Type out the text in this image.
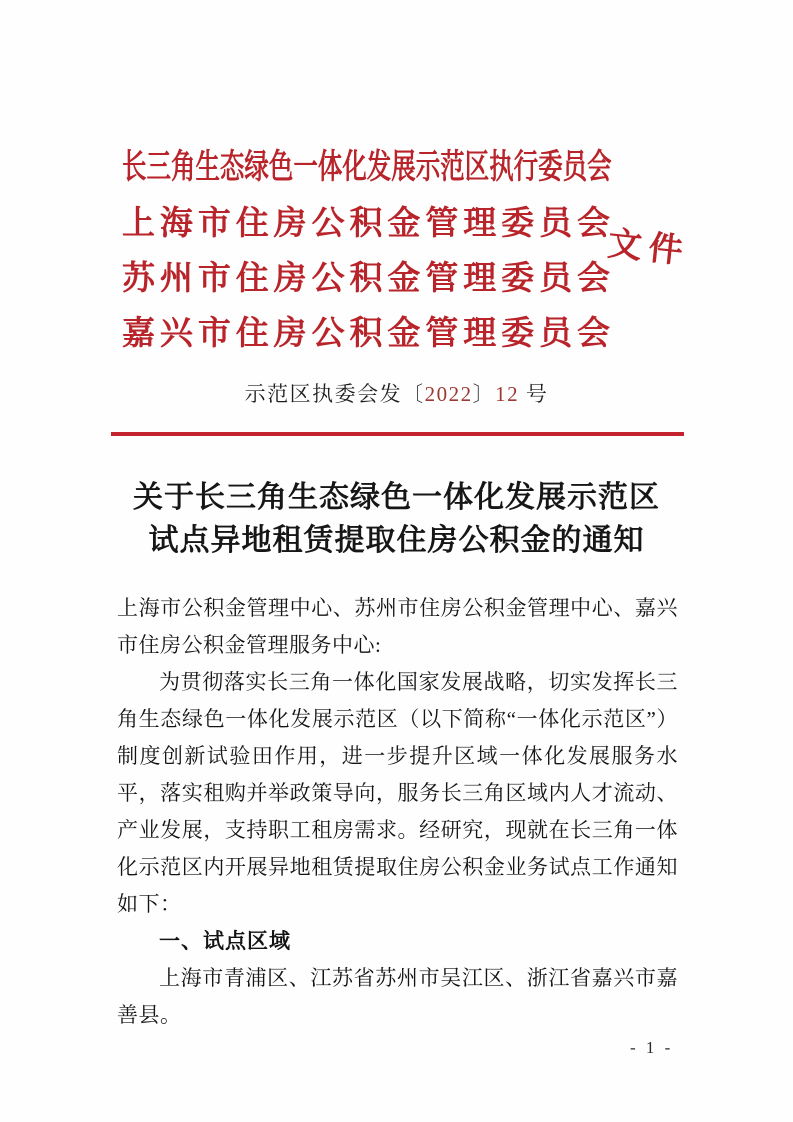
长三角生态绿色一体化发展示范区执行委员会
上海市住房公积金管理委员会
苏州市住房公积金管理委员会
嘉兴市住房公积金管理委员会
文件
示范区执委会发〔2022〕12 号
关于长三角生态绿色一体化发展示范区
试点异地租赁提取住房公积金的通知

上海市公积金管理中心、苏州市住房公积金管理中心、嘉兴市住房公积金管理服务中心:

为贯彻落实长三角一体化国家发展战略，切实发挥长三角生态绿色一体化发展示范区（以下简称“一体化示范区”）制度创新试验田作用，进一步提升区域一体化发展服务水平，落实租购并举政策导向，服务长三角区域内人才流动、产业发展，支持职工租房需求。经研究，现就在长三角一体化示范区内开展异地租赁提取住房公积金业务试点工作通知如下：

一、试点区域

上海市青浦区、江苏省苏州市吴江区、浙江省嘉兴市嘉善县。

- 1 -
